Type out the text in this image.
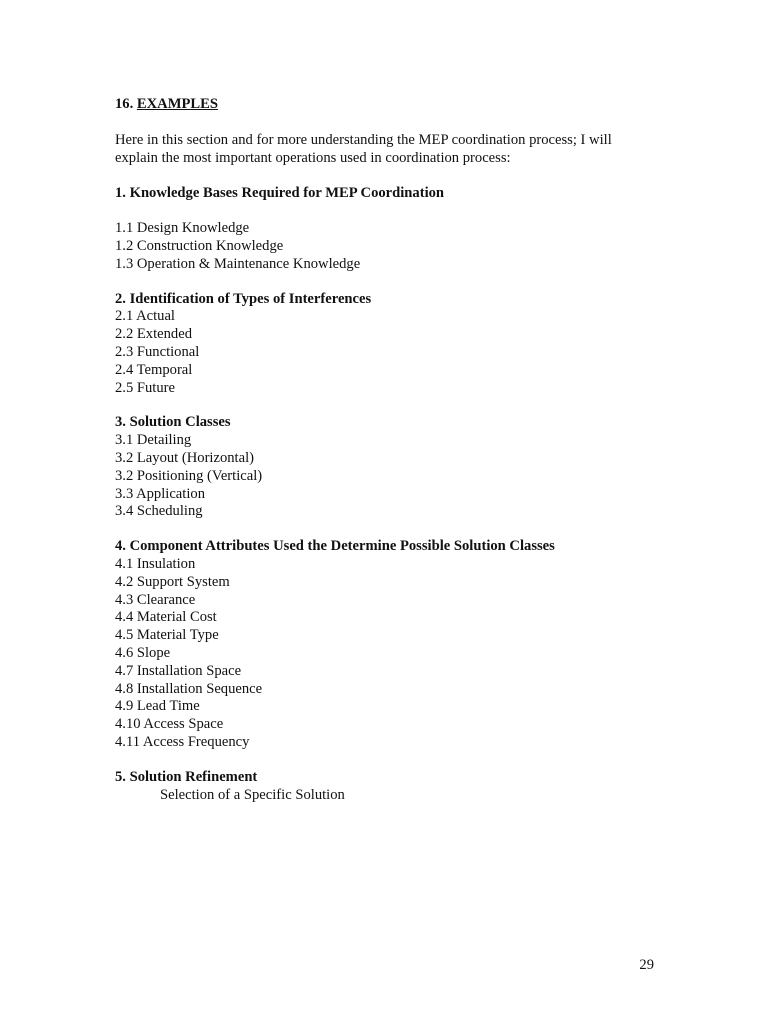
16. EXAMPLES

Here in this section and for more understanding the MEP coordination process; I will
explain the most important operations used in coordination process:

1. Knowledge Bases Required for MEP Coordination

1.1 Design Knowledge

1.2 Construction Knowledge

1.3 Operation & Maintenance Knowledge

2. Identification of Types of Interferences

2.1 Actual

2.2 Extended

2.3 Functional

2.4 Temporal

2.5 Future

3. Solution Classes

3.1 Detailing

3.2 Layout (Horizontal)

3.2 Positioning (Vertical)

3.3 Application

3.4 Scheduling

4. Component Attributes Used the Determine Possible Solution Classes

4.1 Insulation

4.2 Support System

4.3 Clearance

4.4 Material Cost

4.5 Material Type

4.6 Slope

4.7 Installation Space

4.8 Installation Sequence

4.9 Lead Time

4.10 Access Space

4.11 Access Frequency

5. Solution Refinement

Selection of a Specific Solution

29
